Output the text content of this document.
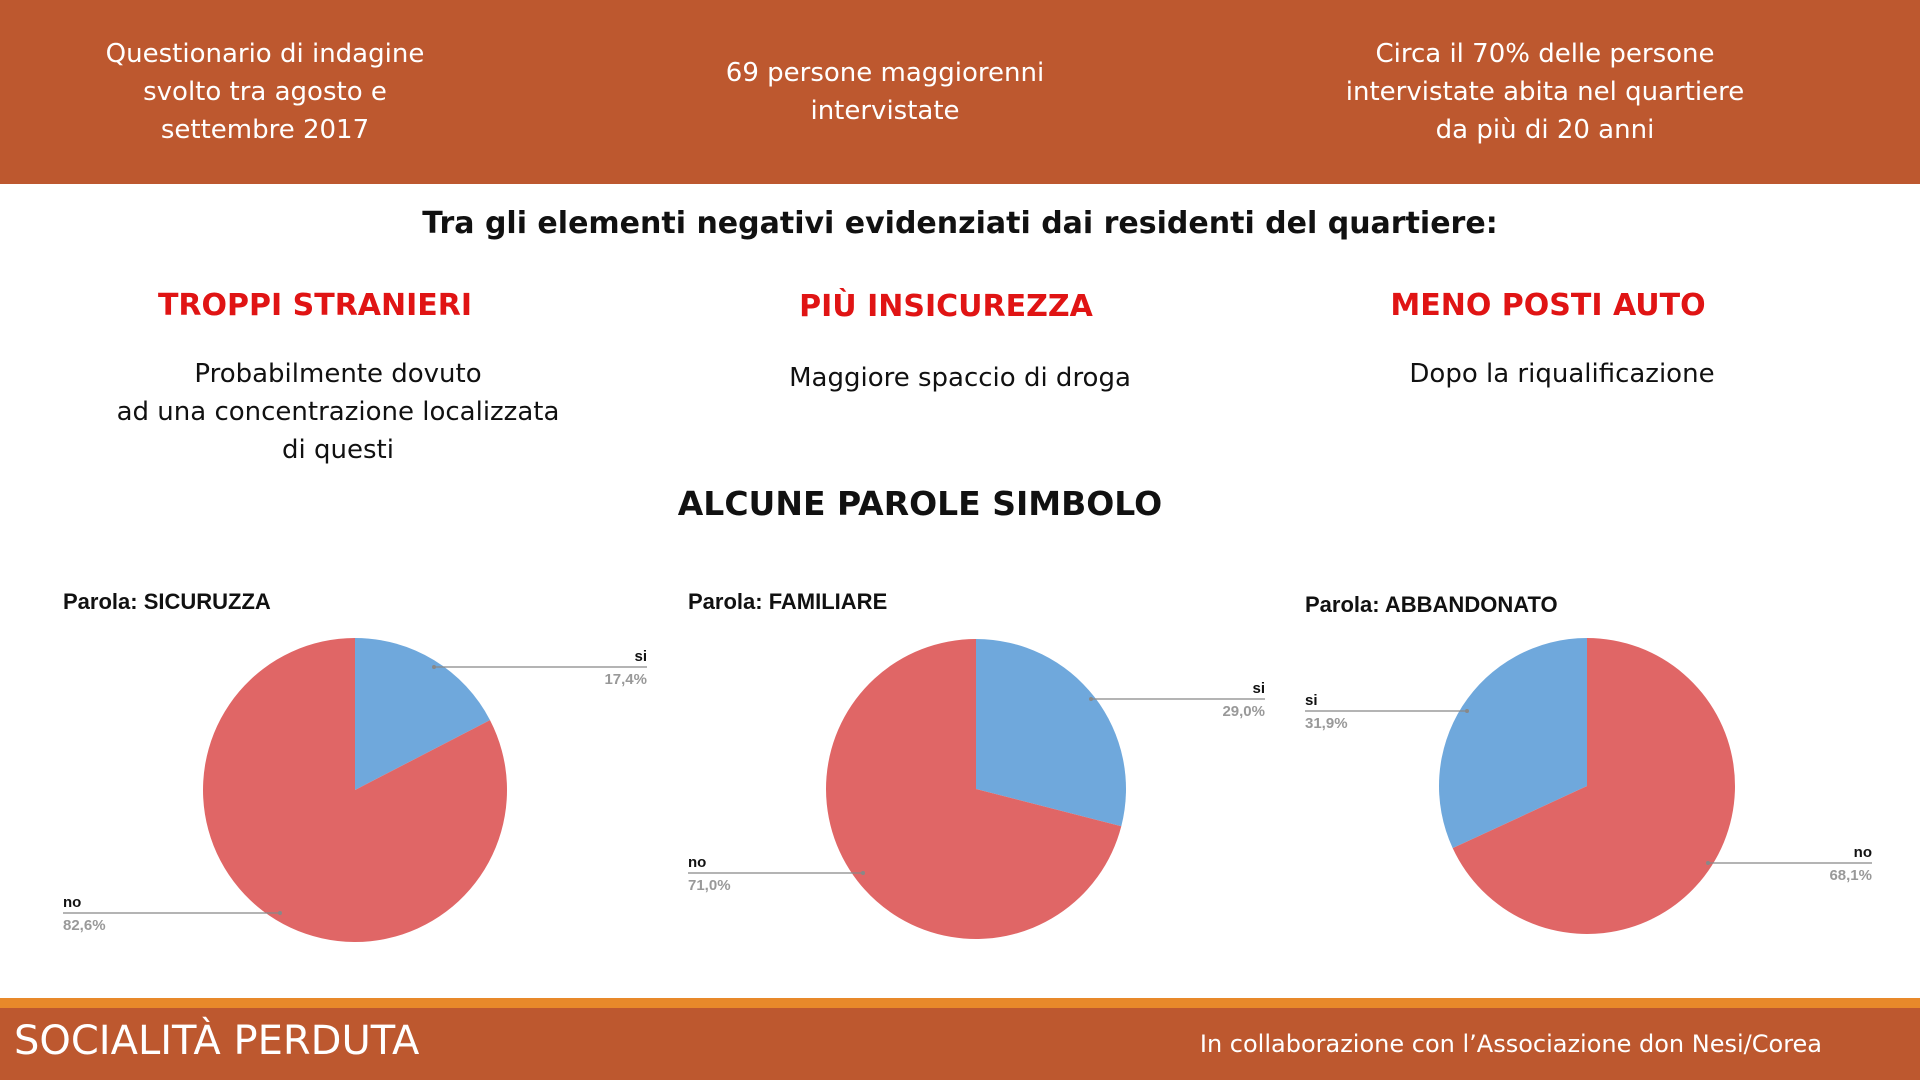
Questionario di indagine
svolto tra agosto e
settembre 2017
69 persone maggiorenni
intervistate
Circa il 70% delle persone
intervistate abita nel quartiere
da più di 20 anni
Tra gli elementi negativi evidenziati dai residenti del quartiere:
TROPPI STRANIERI
Probabilmente dovuto
ad una concentrazione localizzata
di questi
PIÙ INSICUREZZA
Maggiore spaccio di droga
MENO POSTI AUTO
Dopo la riqualificazione
ALCUNE PAROLE SIMBOLO
Parola: SICURUZZA
si
17,4%
no
82,6%
Parola: FAMILIARE
si
29,0%
no
71,0%
Parola: ABBANDONATO
si
31,9%
no
68,1%
SOCIALITÀ PERDUTA	In collaborazione con l’Associazione don Nesi/Corea
